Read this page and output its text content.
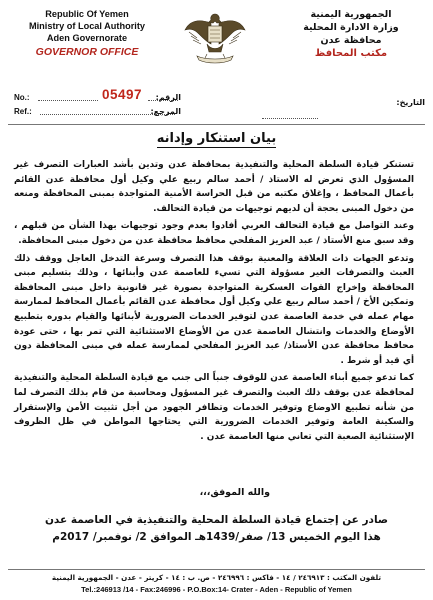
Republic Of Yemen
Ministry of Local Authority
Aden Governorate
GOVERNOR OFFICE
الجمهورية اليمنية
وزارة الادارة المحلية
محافظة عدن
مكتب المحافظ
No.:	05497 الرقم:
Ref.:	المرجع:
التاريخ:
بيان استنكار وإدانه

تستنكر قيادة السلطة المحلية والتنفيذية بمحافظة عدن وتدين بأشد العبارات التصرف غير المسؤول الذي تعرض له الاستاذ / أحمد سالم ربيع علي وكيل أول محافظة عدن القائم بأعمال المحافظ ، وإغلاق مكتبه من قبل الحراسة الأمنية المتواجدة بمبنى المحافظة ومنعه من دخول المبنى بحجة أن لديهم توجيهات من قيادة التحالف.

وعند التواصل مع قيادة التحالف العربي أفادوا بعدم وجود توجيهات بهذا الشأن من قبلهم ، وقد سبق منع الأستاذ / عبد العزيز المفلحي محافظ محافظة عدن من دخول مبنى المحافظة.

وتدعو الجهات ذات العلاقة والمعنية بوقف هذا التصرف وسرعة التدخل العاجل ووقف ذلك العبث والتصرفات الغير مسؤولة التي تسيء للعاصمة عدن وأبنائها ، وذلك بتسليم مبنى المحافظة وإخراج القوات العسكرية المتواجدة بصورة غير قانونية داخل مبنى المحافظة وتمكين الأخ / أحمد سالم ربيع علي وكيل أول محافظة عدن القائم بأعمال المحافظ لممارسة مهام عمله في خدمة العاصمة عدن لتوفير الخدمات الضرورية لأبنائها والقيام بدوره بتطبيع الأوضاع والخدمات وانتشال العاصمة عدن من الأوضاع الاستثنائية التي تمر بها ، حتى عودة محافظ محافظة عدن الأستاذ/ عبد العزيز المفلحي لممارسة عمله في مبنى المحافظة دون أي قيد أو شرط .

كما تدعو جميع أبناء العاصمة عدن للوقوف جنباً الى جنب مع قيادة السلطة المحلية والتنفيذية لمحافظة عدن بوقف ذلك العبث والتصرف غير المسؤول ومحاسبة من قام بذلك التصرف لما من شأنه تطبيع الاوضاع وتوفير الخدمات وتظافر الجهود من أجل تثبيت الأمن والإستقرار والسكينة العامة وتوفير الخدمات الضرورية التي يحتاجها المواطن في ظل الظروف الإستثنائية الصعبة التي تعاني منها العاصمة عدن .

والله الموفق،،،
صادر عن إجتماع قيادة السلطة المحلية والتنفيذية في العاصمة عدن
هذا اليوم الخميس 13/ صفر/1439هـ الموافق 2/ نوفمبر/ 2017م
تلفون المكتب : ٢٤٦٩١٣ / ١٤ - فاكس : ٢٤٦٩٩٦ - ص. ب : ١٤ - كريتر - عدن - الجمهورية اليمنية
Tel.:246913 /14 - Fax:246996 - P.O.Box:14- Crater - Aden - Republic of Yemen
